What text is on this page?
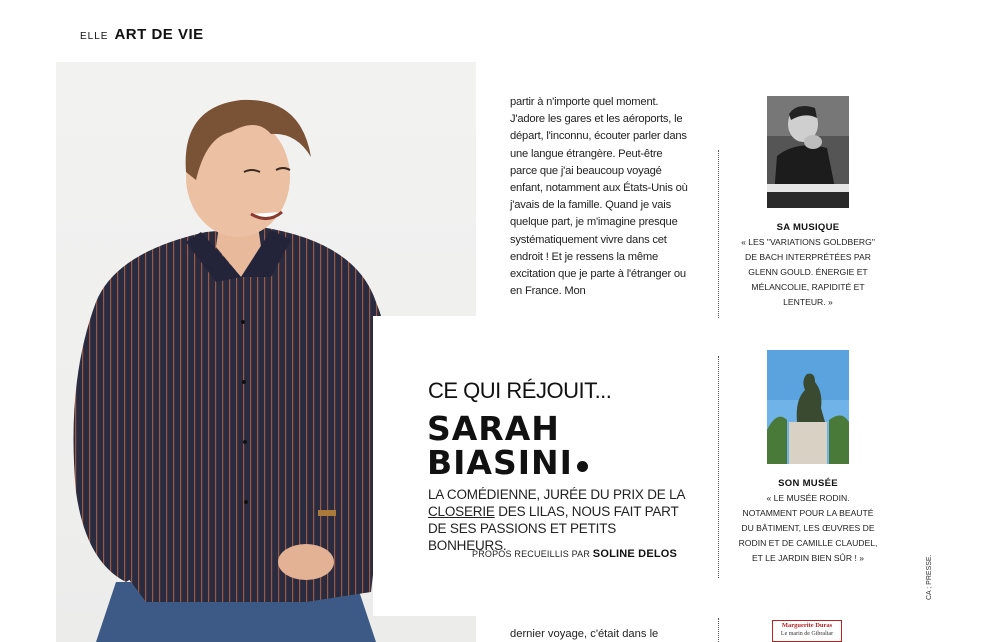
ELLE ART DE VIE
CE QUI RÉJOUIT...
SARAH
BIASINI
LA COMÉDIENNE, JURÉE DU PRIX DE LA CLOSERIE DES LILAS, NOUS FAIT PART DE SES PASSIONS ET PETITS BONHEURS.
PROPOS RECUEILLIS PAR SOLINE DELOS
partir à n'importe quel moment. J'adore les gares et les aéroports, le départ, l'inconnu, écouter parler dans une langue étrangère. Peut-être parce que j'ai beaucoup voyagé enfant, notamment aux États-Unis où j'avais de la famille. Quand je vais quelque part, je m'imagine presque systématiquement vivre dans cet endroit ! Et je ressens la même excitation que je parte à l'étranger ou en France. Mon
dernier voyage, c'était dans le
SA MUSIQUE
« LES "VARIATIONS GOLDBERG" DE BACH INTERPRÉTÉES PAR GLENN GOULD. ÉNERGIE ET MÉLANCOLIE, RAPIDITÉ ET LENTEUR. »
SON MUSÉE
« LE MUSÉE RODIN. NOTAMMENT POUR LA BEAUTÉ DU BÂTIMENT, LES ŒUVRES DE RODIN ET DE CAMILLE CLAUDEL, ET LE JARDIN BIEN SÛR ! »
Marguerite Duras
Le marin de Gibraltar
CA ; PRESSE.
